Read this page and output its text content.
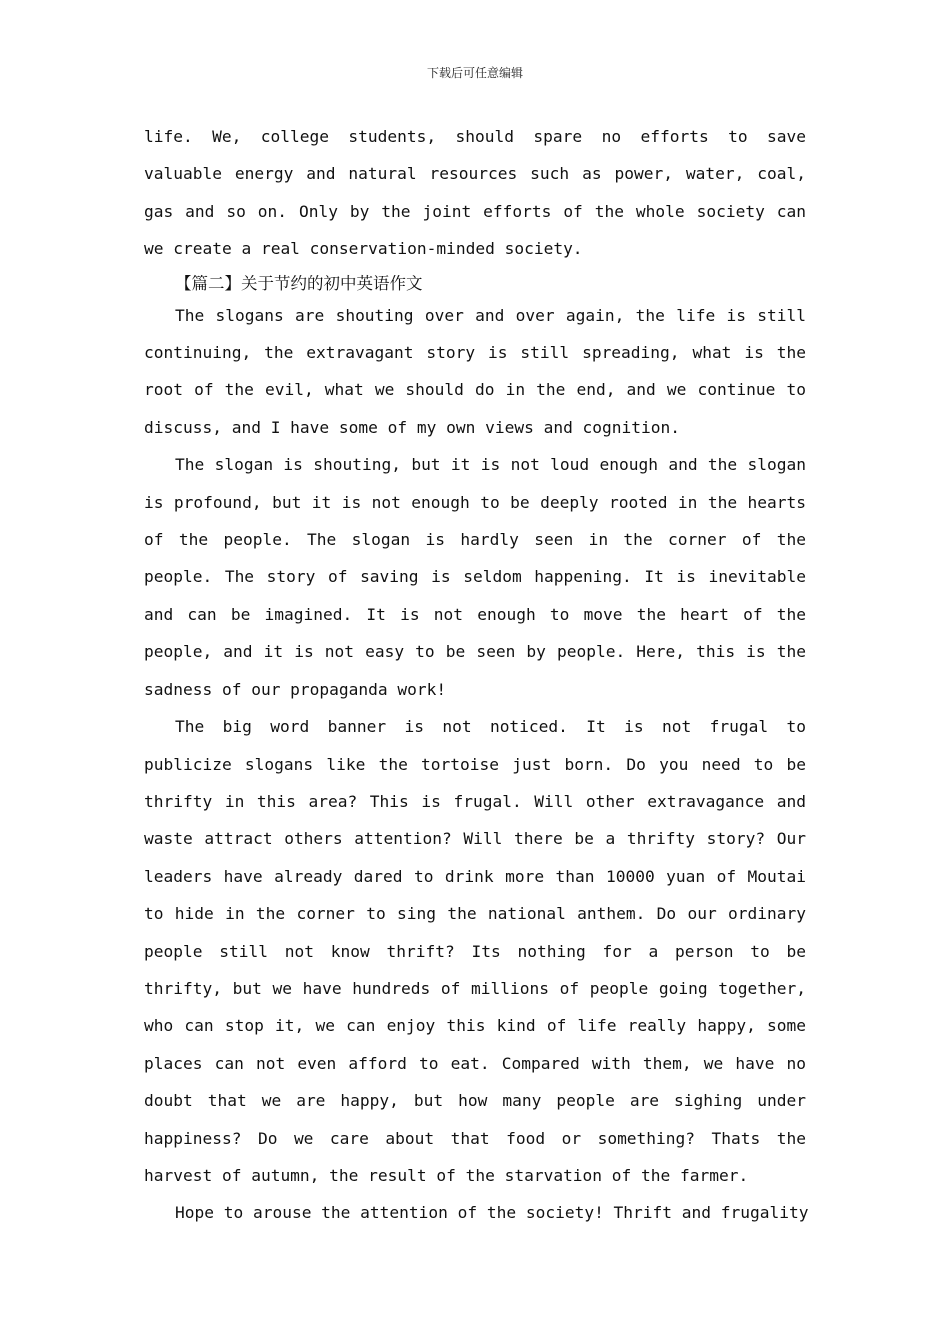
下载后可任意编辑

life. We, college students, should spare no efforts to save valuable energy and natural resources such as power, water, coal, gas and so on. Only by the joint efforts of the whole society can we create a real conservation-minded society.

【篇二】关于节约的初中英语作文

The slogans are shouting over and over again, the life is still continuing, the extravagant story is still spreading, what is the root of the evil, what we should do in the end, and we continue to discuss, and I have some of my own views and cognition.

The slogan is shouting, but it is not loud enough and the slogan is profound, but it is not enough to be deeply rooted in the hearts of the people. The slogan is hardly seen in the corner of the people. The story of saving is seldom happening. It is inevitable and can be imagined. It is not enough to move the heart of the people, and it is not easy to be seen by people. Here, this is the sadness of our propaganda work!

The big word banner is not noticed. It is not frugal to publicize slogans like the tortoise just born. Do you need to be thrifty in this area? This is frugal. Will other extravagance and waste attract others attention? Will there be a thrifty story? Our leaders have already dared to drink more than 10000 yuan of Moutai to hide in the corner to sing the national anthem. Do our ordinary people still not know thrift? Its nothing for a person to be thrifty, but we have hundreds of millions of people going together, who can stop it, we can enjoy this kind of life really happy, some places can not even afford to eat. Compared with them, we have no doubt that we are happy, but how many people are sighing under happiness? Do we care about that food or something? Thats the harvest of autumn, the result of the starvation of the farmer.

Hope to arouse the attention of the society! Thrift and frugality
